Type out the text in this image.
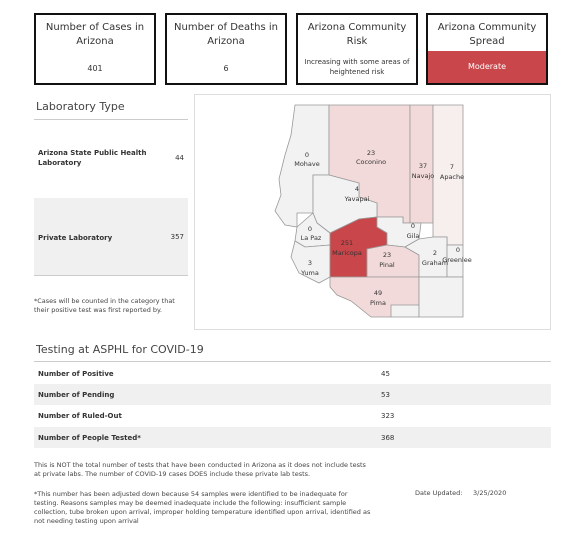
Number of Cases in Arizona
401
Number of Deaths in Arizona
6
Arizona Community Risk
Increasing with some areas of heightened risk
Arizona Community Spread
Moderate
Laboratory Type
Arizona State Public Health Laboratory
44
Private Laboratory	357
*Cases will be counted in the category that their positive test was first reported by.
0
Mohave
23
Coconino	37
Navajo
7
Apache
4
Yavapai
0
La Paz
251
Maricopa
0
Gila
23
Pinal
2
Graham
0
Greenlee
3
Yuma
49
Pima
Testing at ASPHL for COVID-19
Number of Positive	45
Number of Pending	53
Number of Ruled-Out	323
Number of People Tested*	368
This is NOT the total number of tests that have been conducted in Arizona as it does not include tests at private labs. The number of COVID-19 cases DOES include these private lab tests.
*This number has been adjusted down because 54 samples were identified to be inadequate for testing. Reasons samples may be deemed inadequate include the following: insufficient sample collection, tube broken upon arrival, improper holding temperature identified upon arrival, identified as not needing testing upon arrival
Date Updated: 3/25/2020
